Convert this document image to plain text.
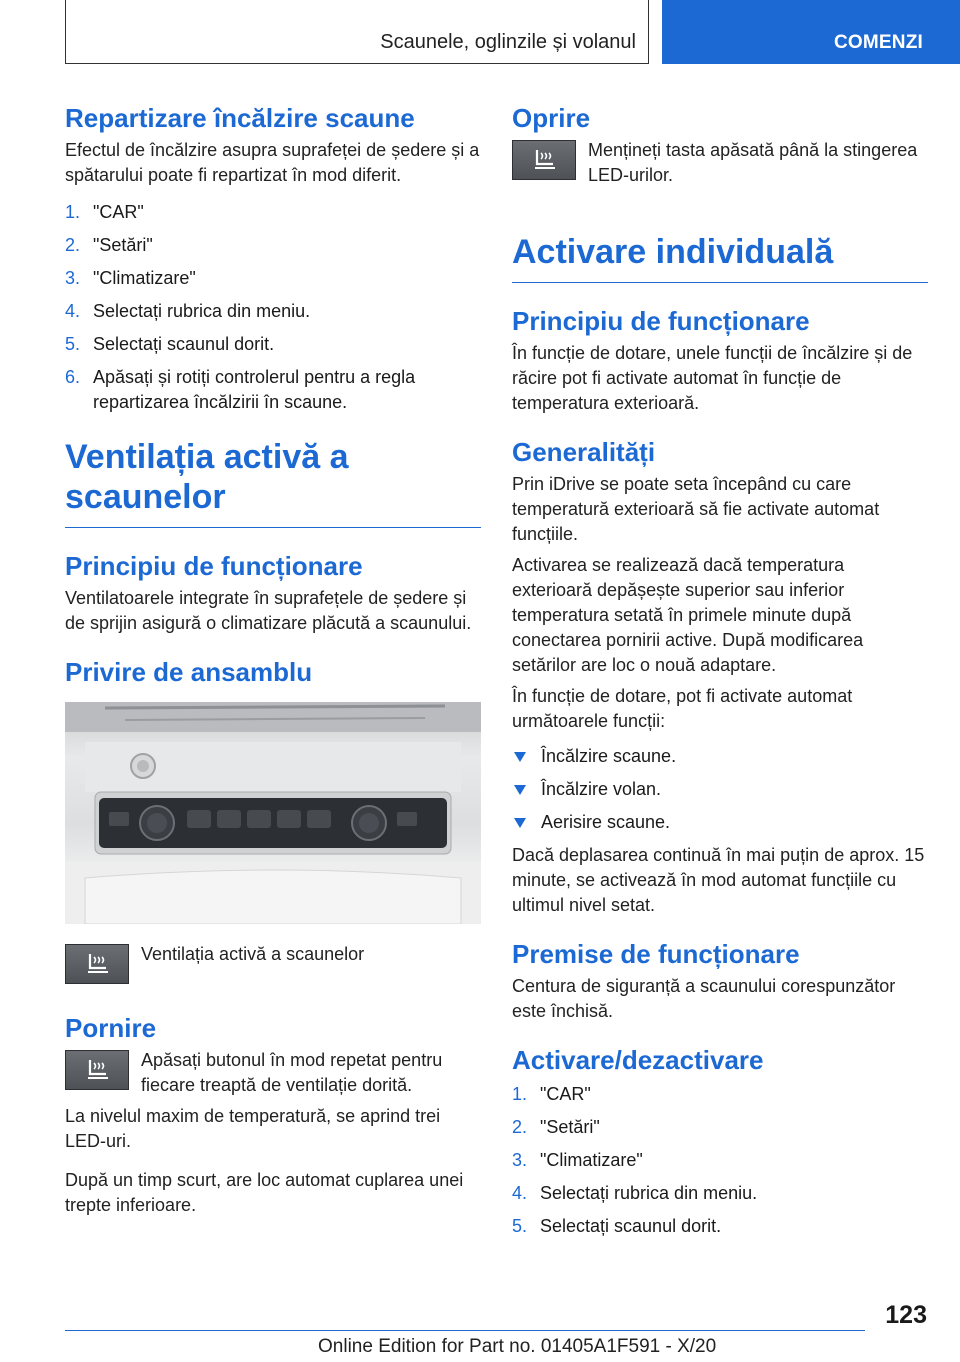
Scaunele, oglinzile și volanul	COMENZI
Repartizare încălzire scaune

Efectul de încălzire asupra suprafeței de ședere și a spătarului poate fi repartizat în mod diferit.

1. "CAR"
2. "Setări"
3. "Climatizare"
4. Selectați rubrica din meniu.
5. Selectați scaunul dorit.
6. Apăsați și rotiți controlerul pentru a regla repartizarea încălzirii în scaune.
Ventilația activă a scaunelor
Principiu de funcționare

Ventilatoarele integrate în suprafețele de ședere și de sprijin asigură o climatizare plăcută a scaunului.

Privire de ansamblu

Ventilația activă a scaunelor

Pornire

Apăsați butonul în mod repetat pentru fiecare treaptă de ventilație dorită.

La nivelul maxim de temperatură, se aprind trei LED-uri.

După un timp scurt, are loc automat cuplarea unei trepte inferioare.

Oprire

Mențineți tasta apăsată până la stingerea LED-urilor.

Activare individuală
Principiu de funcționare

În funcție de dotare, unele funcții de încălzire și de răcire pot fi activate automat în funcție de temperatura exterioară.

Generalități

Prin iDrive se poate seta începând cu care temperatură exterioară să fie activate automat funcțiile.

Activarea se realizează dacă temperatura exterioară depășește superior sau inferior temperatura setată în primele minute după conectarea pornirii active. După modificarea setărilor are loc o nouă adaptare.

În funcție de dotare, pot fi activate automat următoarele funcții:

Încălzire scaune.
Încălzire volan.
Aerisire scaune.

Dacă deplasarea continuă în mai puțin de aprox. 15 minute, se activează în mod automat funcțiile cu ultimul nivel setat.

Premise de funcționare

Centura de siguranță a scaunului corespunzător este închisă.

Activare/dezactivare
1. "CAR"
2. "Setări"
3. "Climatizare"
4. Selectați rubrica din meniu.
5. Selectați scaunul dorit.
123
Online Edition for Part no. 01405A1F591 - X/20
